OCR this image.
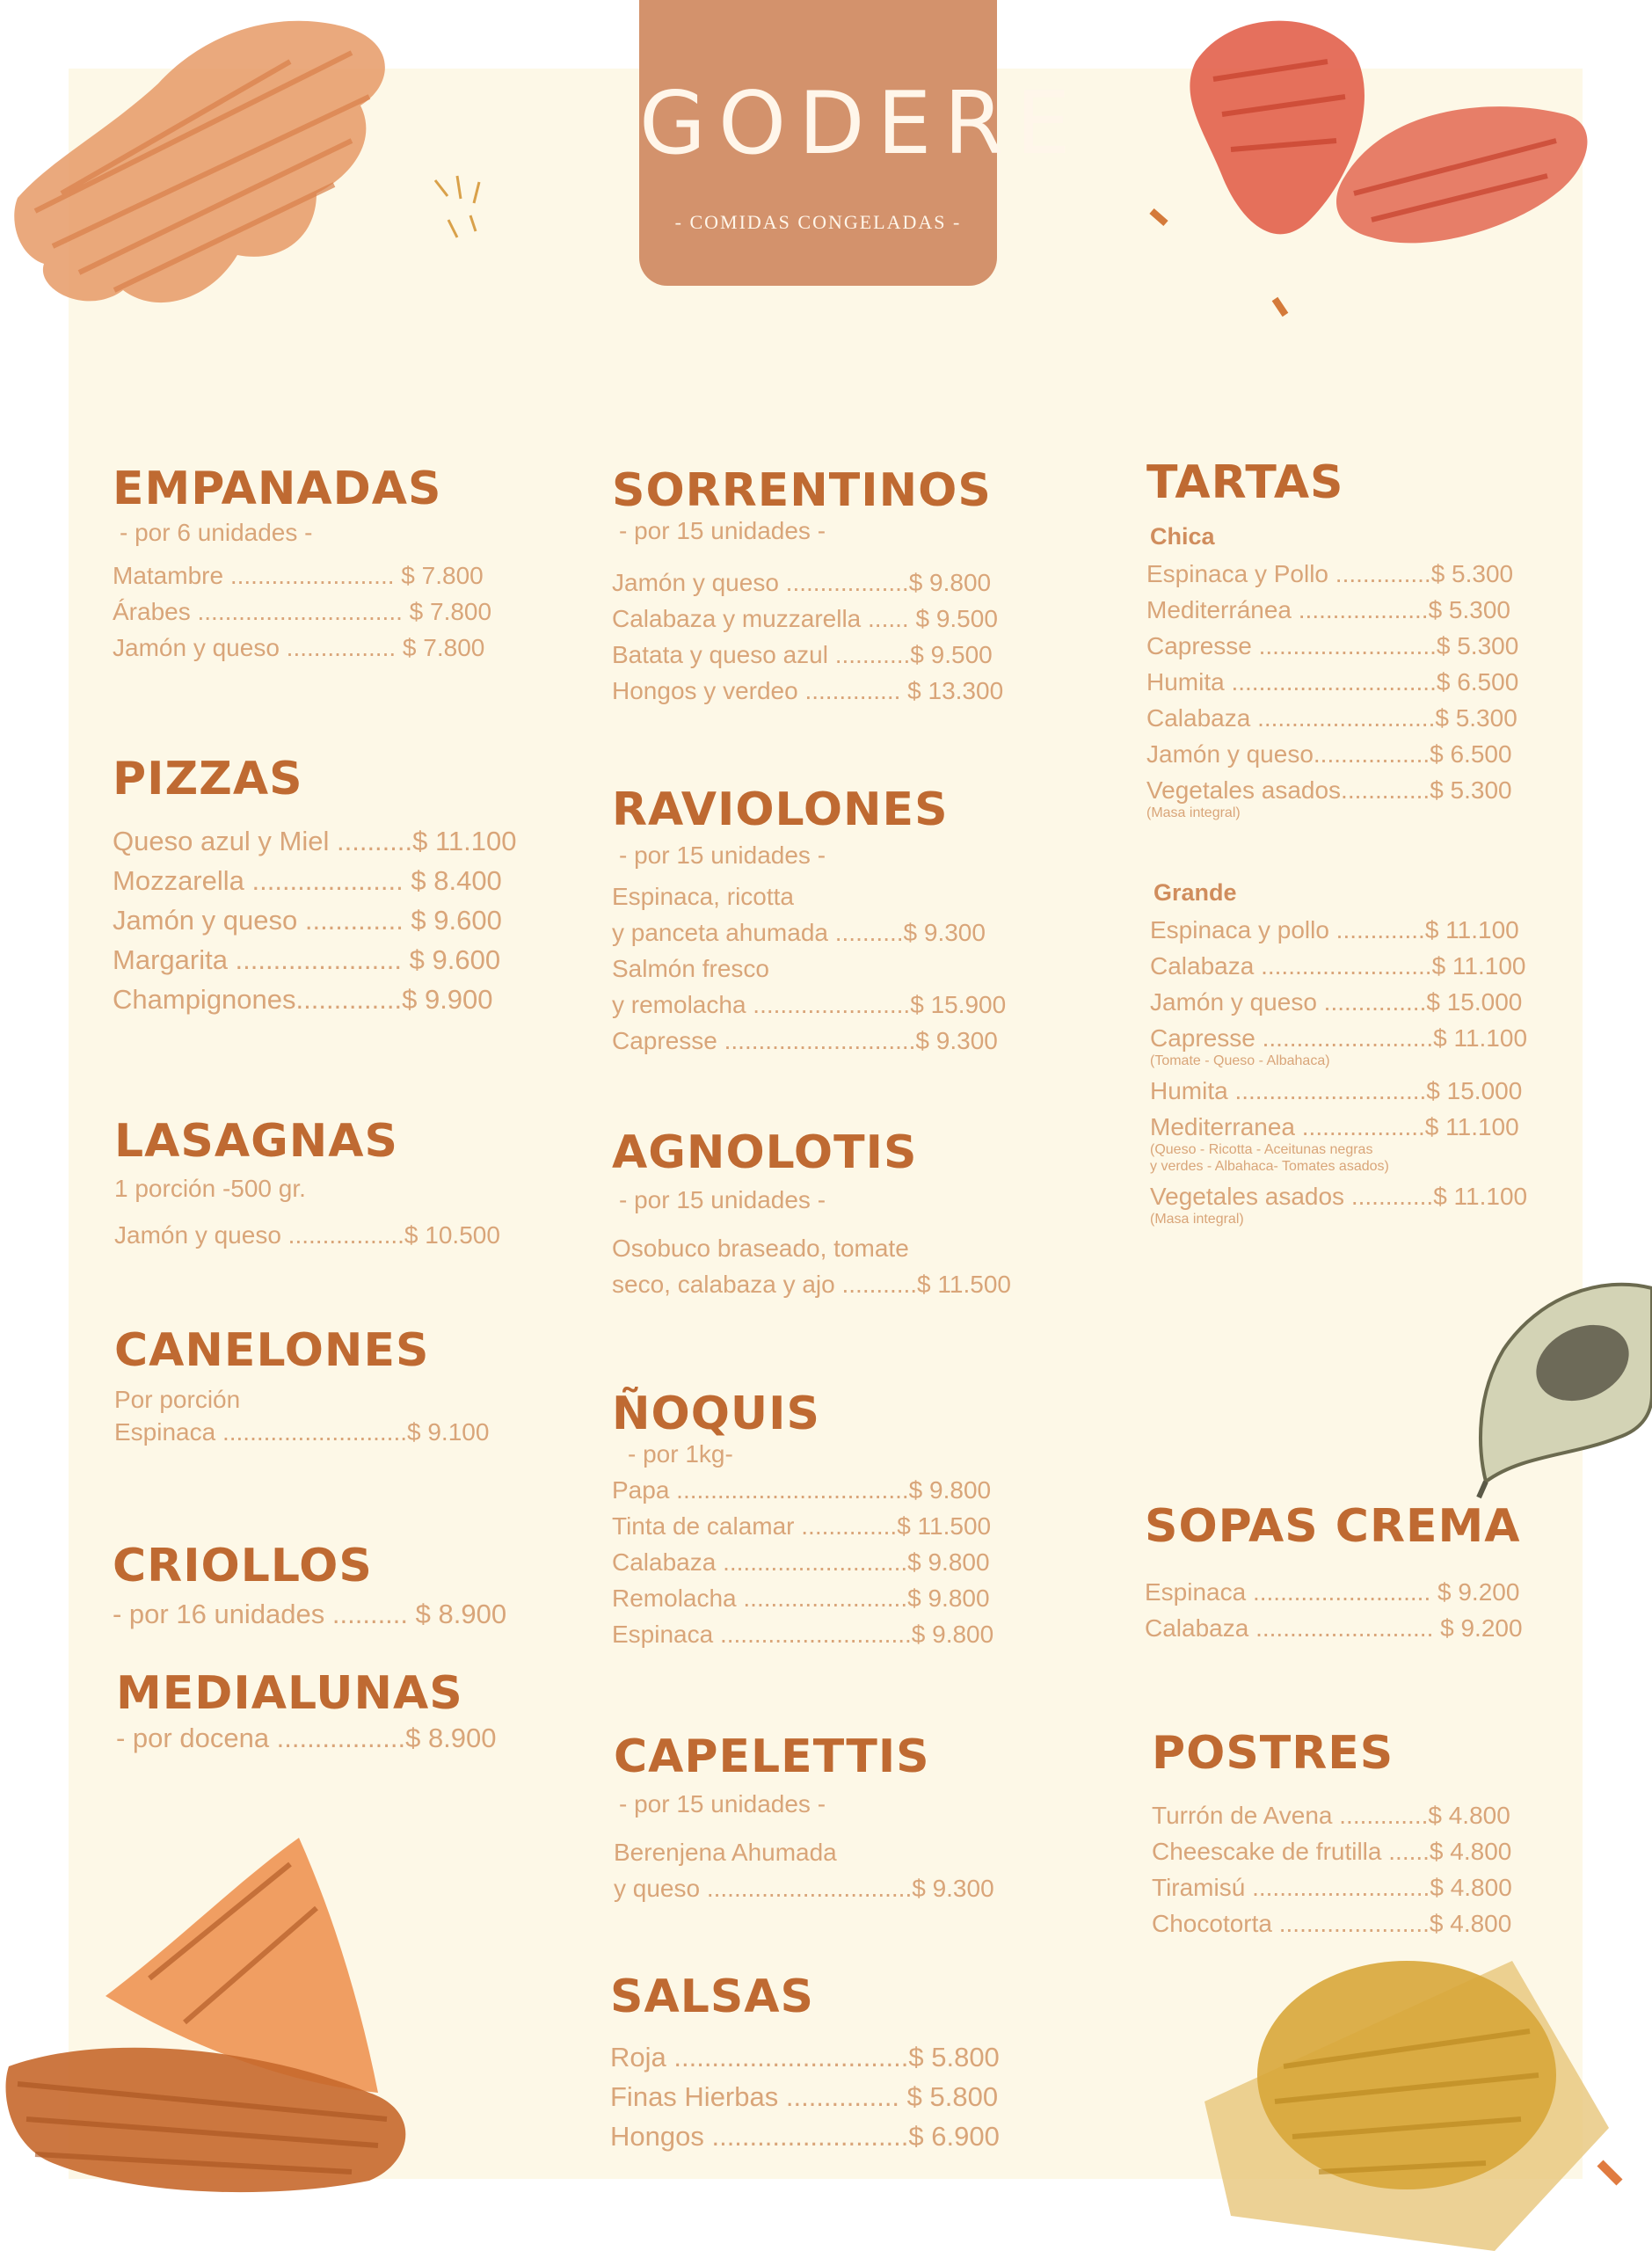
GODERE
- COMIDAS CONGELADAS -
EMPANADAS
- por 6 unidades -
Matambre ........................ $ 7.800
Árabes .............................. $ 7.800
Jamón y queso ................ $ 7.800
PIZZAS
Queso azul y Miel ..........$ 11.100
Mozzarella .................... $ 8.400
Jamón y queso ............. $ 9.600
Margarita ...................... $ 9.600
Champignones..............$ 9.900
LASAGNAS
1 porción -500 gr.
Jamón y queso .................$ 10.500
CANELONES
Por porción
Espinaca ...........................$ 9.100
CRIOLLOS
- por 16 unidades .......... $ 8.900
MEDIALUNAS
- por docena .................$ 8.900
SORRENTINOS
- por 15 unidades -
Jamón y queso ..................$ 9.800
Calabaza y muzzarella ...... $ 9.500
Batata y queso azul ...........$ 9.500
Hongos y verdeo .............. $ 13.300
RAVIOLONES
- por 15 unidades -
Espinaca, ricotta
y panceta ahumada ..........$ 9.300
Salmón fresco
y remolacha .......................$ 15.900
Capresse ............................$ 9.300
AGNOLOTIS
- por 15 unidades -
Osobuco braseado, tomate
seco, calabaza y ajo ...........$ 11.500
ÑOQUIS
- por 1kg-
Papa ..................................$ 9.800
Tinta de calamar ..............$ 11.500
Calabaza ...........................$ 9.800
Remolacha ........................$ 9.800
Espinaca ............................$ 9.800
CAPELETTIS
- por 15 unidades -
Berenjena Ahumada
y queso ..............................$ 9.300
SALSAS
Roja ...............................$ 5.800
Finas Hierbas ............... $ 5.800
Hongos ..........................$ 6.900
TARTAS
Chica
Espinaca y Pollo ..............$ 5.300
Mediterránea ...................$ 5.300
Capresse ..........................$ 5.300
Humita ..............................$ 6.500
Calabaza ..........................$ 5.300
Jamón y queso.................$ 6.500
Vegetales asados.............$ 5.300
(Masa integral)
Grande
Espinaca y pollo .............$ 11.100
Calabaza .........................$ 11.100
Jamón y queso ...............$ 15.000
Capresse .........................$ 11.100
(Tomate - Queso - Albahaca)
Humita ............................$ 15.000
Mediterranea ..................$ 11.100
(Queso - Ricotta - Aceitunas negras
y verdes - Albahaca- Tomates asados)
Vegetales asados ............$ 11.100
(Masa integral)
SOPAS CREMA
Espinaca .......................... $ 9.200
Calabaza .......................... $ 9.200
POSTRES
Turrón de Avena .............$ 4.800
Cheescake de frutilla ......$ 4.800
Tiramisú ..........................$ 4.800
Chocotorta ......................$ 4.800
